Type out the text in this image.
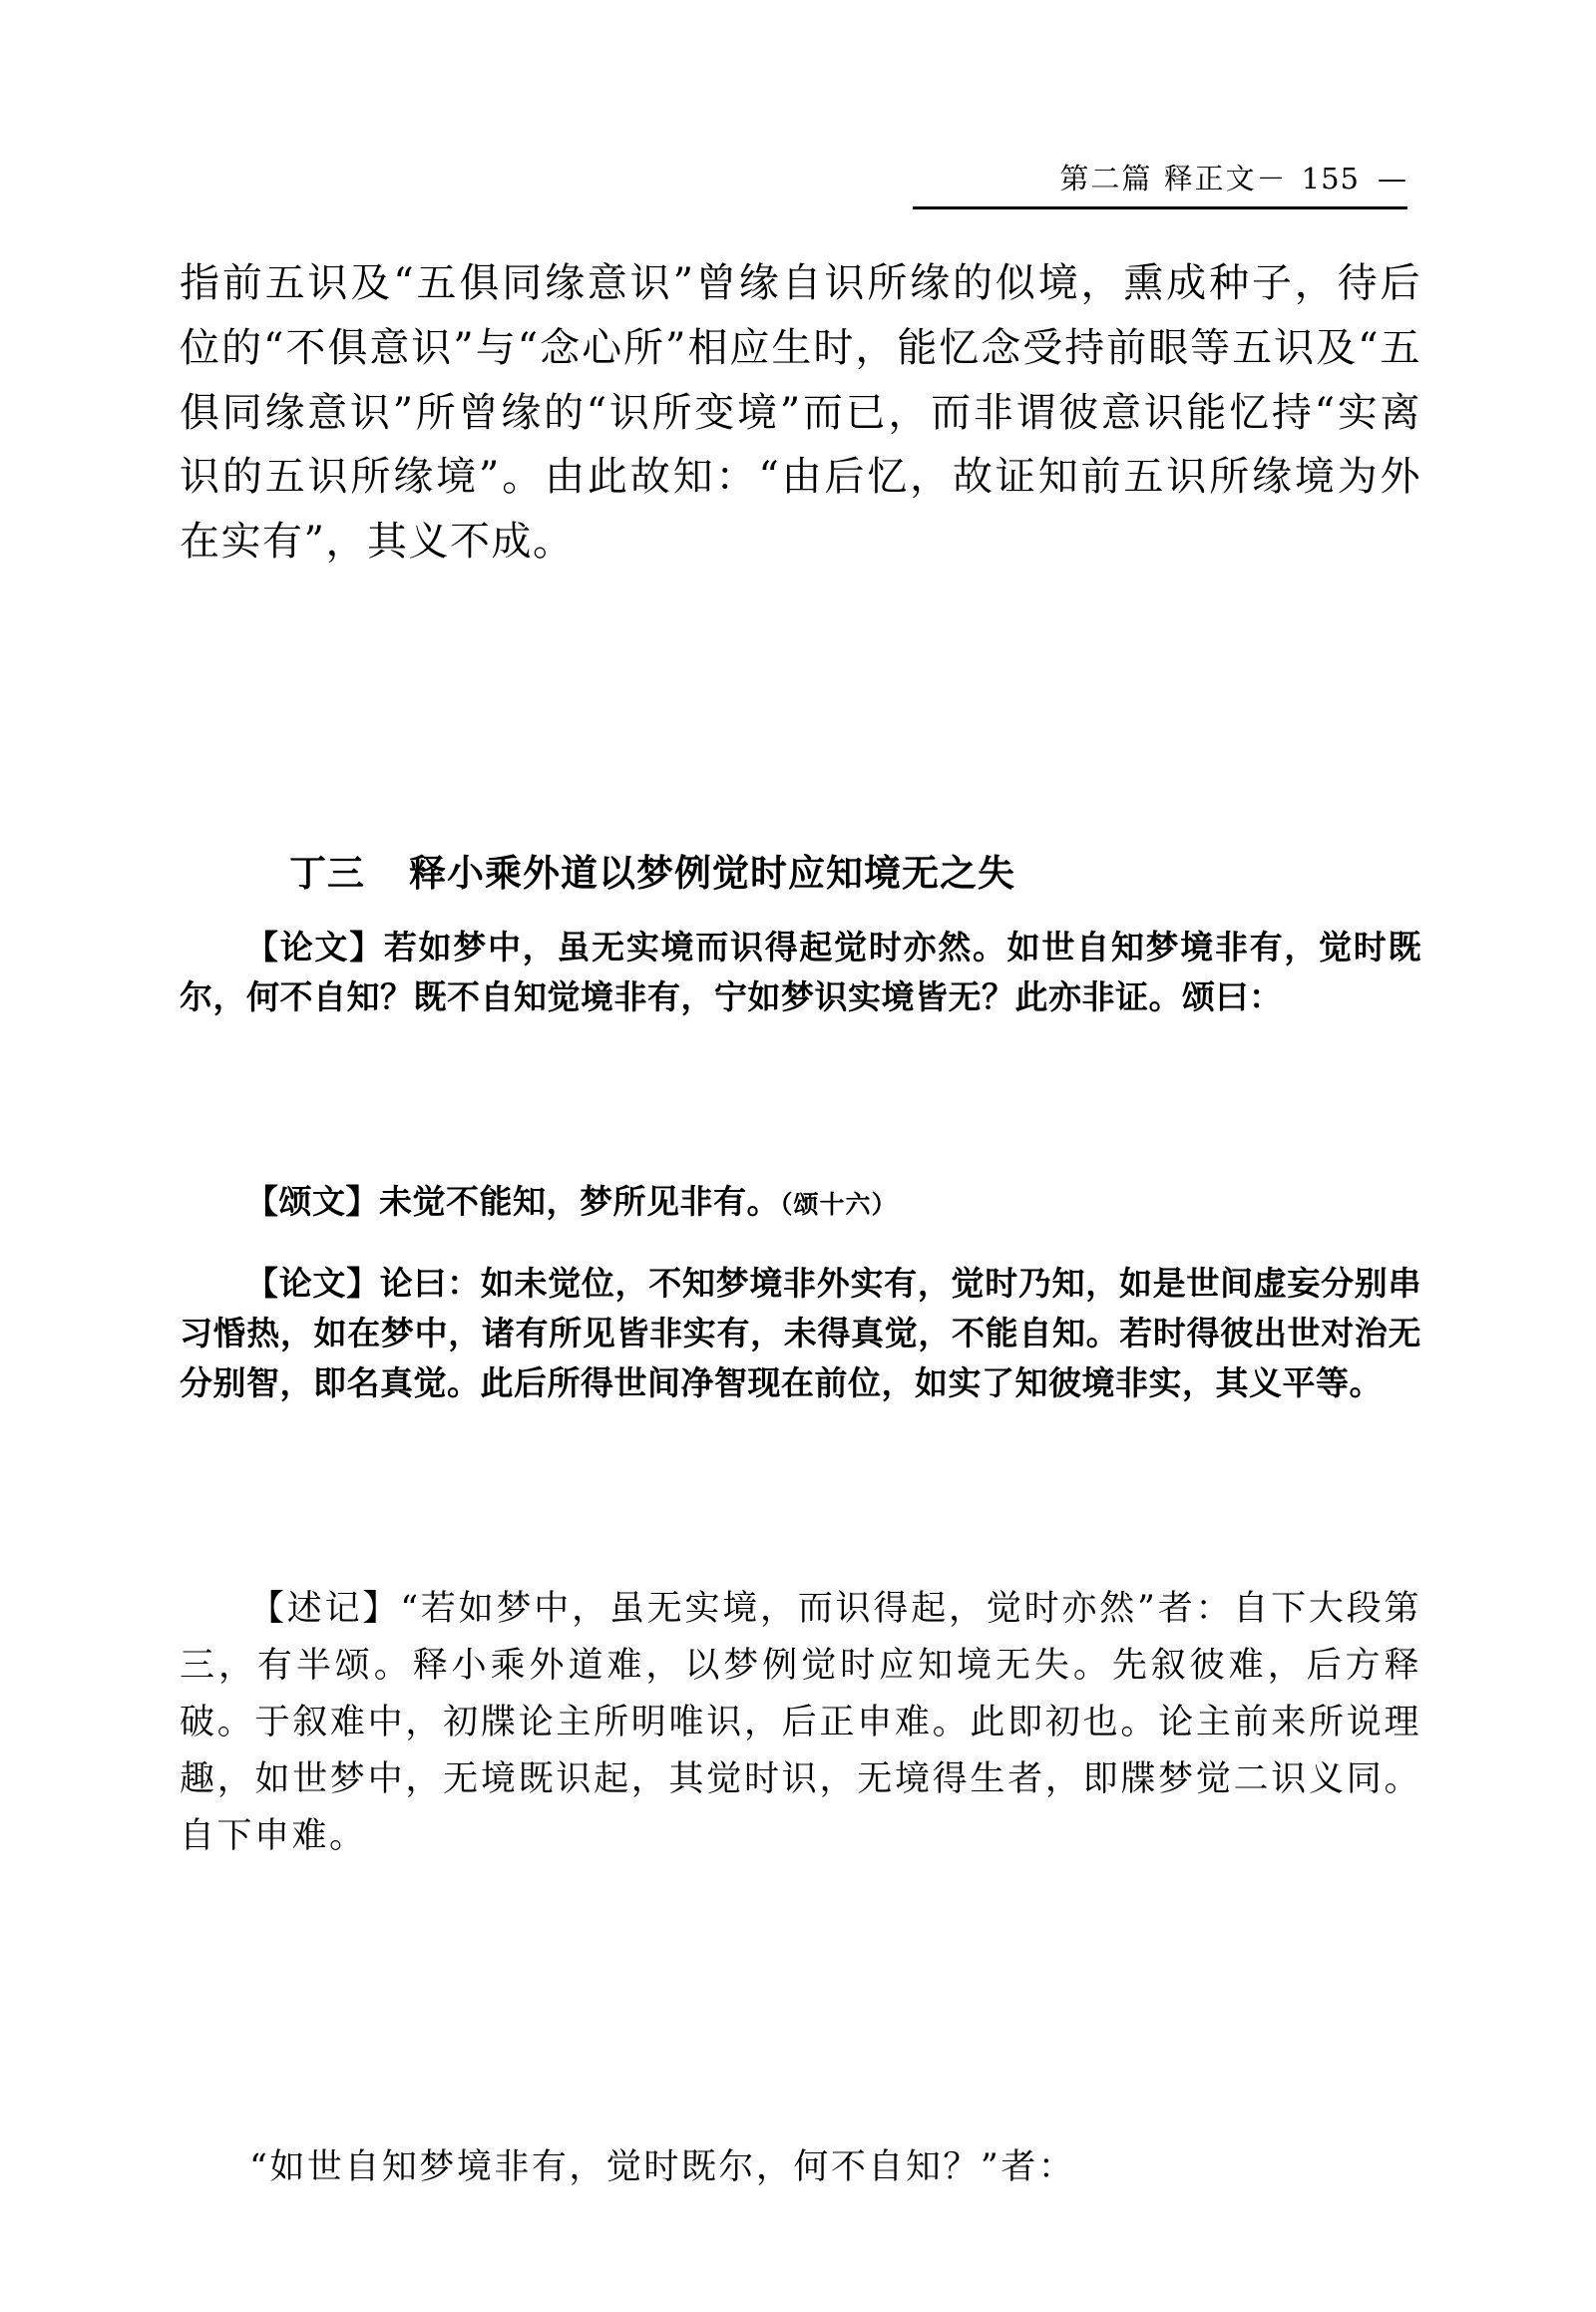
第二篇 释正文－ 155 —
指前五识及“五俱同缘意识”曾缘自识所缘的似境，熏成种子，待后位的“不俱意识”与“念心所”相应生时，能忆念受持前眼等五识及“五俱同缘意识”所曾缘的“识所变境”而已，而非谓彼意识能忆持“实离识的五识所缘境”。由此故知：“由后忆，故证知前五识所缘境为外在实有”，其义不成。
丁三 释小乘外道以梦例觉时应知境无之失
【论文】若如梦中，虽无实境而识得起觉时亦然。如世自知梦境非有，觉时既尔，何不自知？既不自知觉境非有，宁如梦识实境皆无？此亦非证。颂曰：
【颂文】未觉不能知，梦所见非有。（颂十六）
【论文】论曰：如未觉位，不知梦境非外实有，觉时乃知，如是世间虚妄分别串习惛热，如在梦中，诸有所见皆非实有，未得真觉，不能自知。若时得彼出世对治无分别智，即名真觉。此后所得世间净智现在前位，如实了知彼境非实，其义平等。
【述记】“若如梦中，虽无实境，而识得起，觉时亦然”者：自下大段第三，有半颂。释小乘外道难，以梦例觉时应知境无失。先叙彼难，后方释破。于叙难中，初牒论主所明唯识，后正申难。此即初也。论主前来所说理趣，如世梦中，无境既识起，其觉时识，无境得生者，即牒梦觉二识义同。自下申难。
“如世自知梦境非有，觉时既尔，何不自知？”者：
